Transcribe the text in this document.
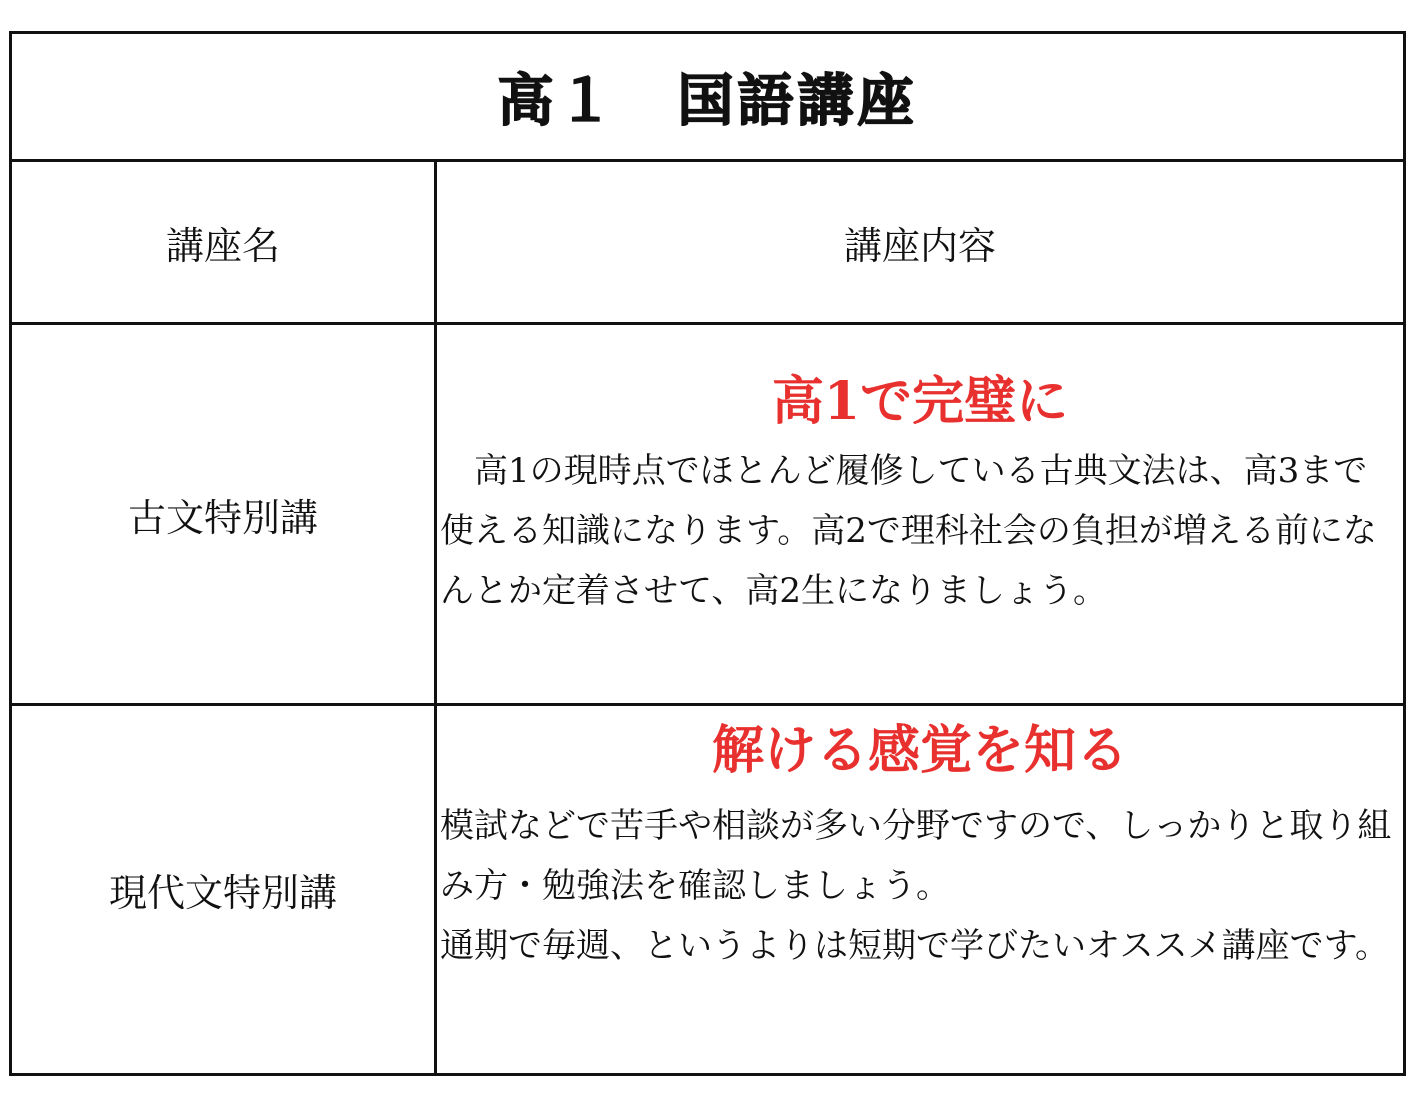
高１　国語講座
講座名	講座内容
古文特別講
高1で完璧に
　高1の現時点でほとんど履修している古典文法は、高3まで使える知識になります。高2で理科社会の負担が増える前になんとか定着させて、高2生になりましょう。
現代文特別講
解ける感覚を知る
模試などで苦手や相談が多い分野ですので、しっかりと取り組み方・勉強法を確認しましょう。
通期で毎週、というよりは短期で学びたいオススメ講座です。
